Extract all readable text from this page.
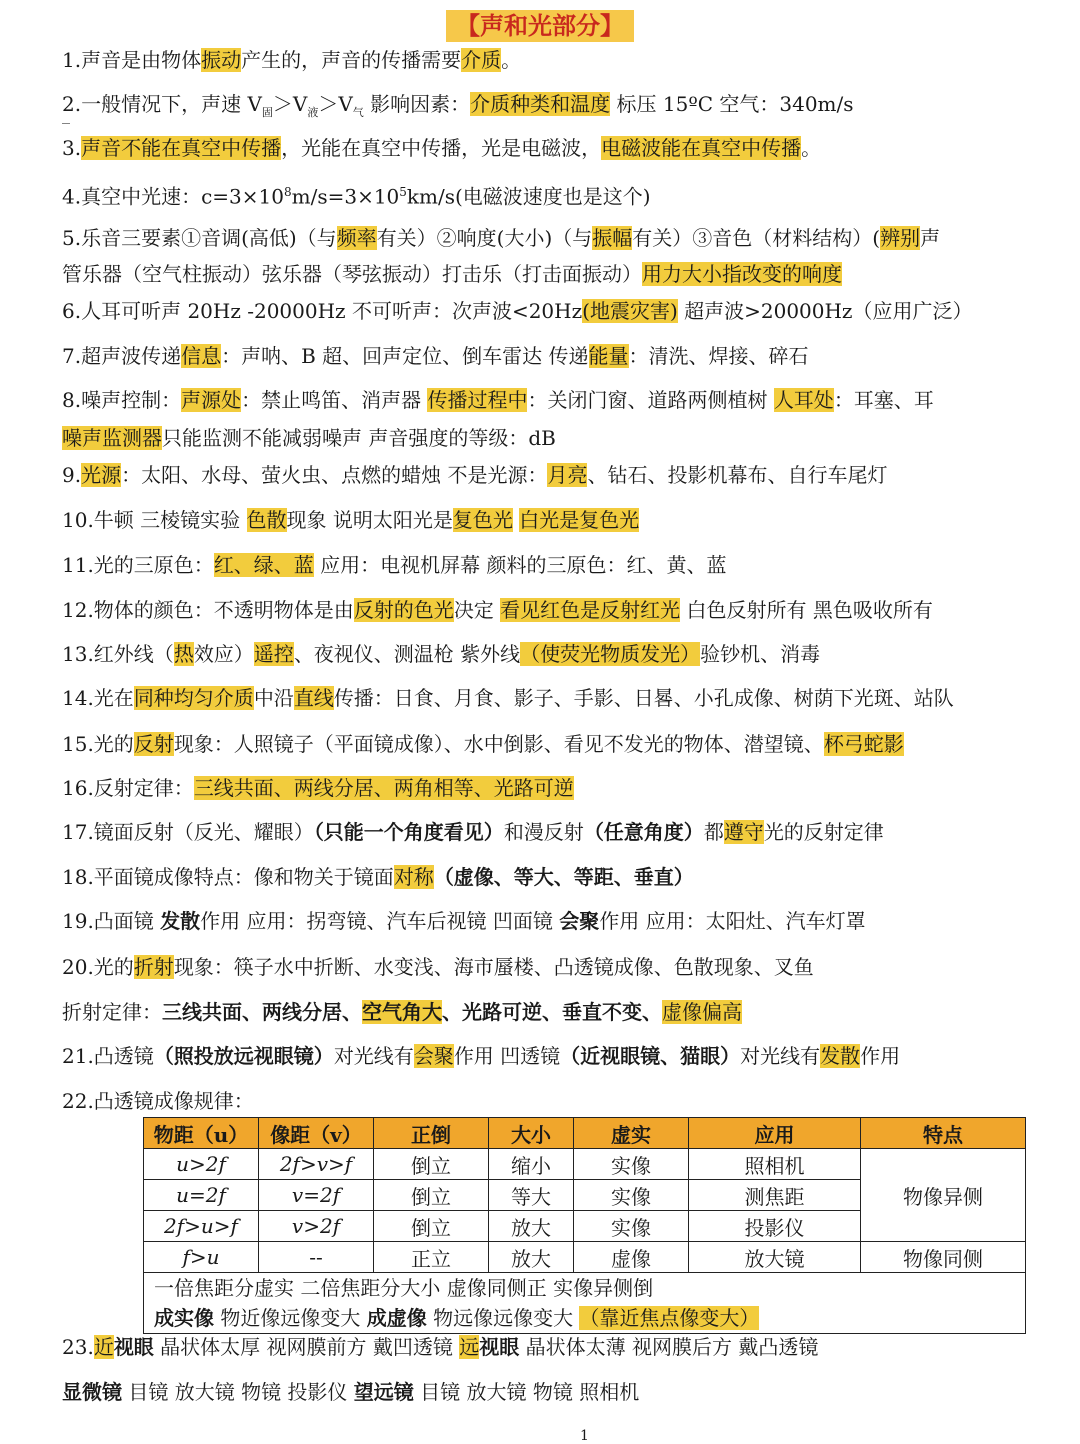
【声和光部分】
1.声音是由物体振动产生的，声音的传播需要介质。
2.一般情况下，声速 $V_固>V_液>V_气$ 影响因素：介质种类和温度 标压 15ºC 空气：340m/s
3.声音不能在真空中传播，光能在真空中传播，光是电磁波，电磁波能在真空中传播。
4.真空中光速：$c=3\times 10^8m/s=3\times 10^5km/s$(电磁波速度也是这个)
5.乐音三要素①音调(高低)（与频率有关）②响度(大小)（与振幅有关）③音色（材料结构）(辨别声
管乐器（空气柱振动）弦乐器（琴弦振动）打击乐（打击面振动）用力大小指改变的响度
6.人耳可听声 20Hz -20000Hz 不可听声：次声波<20Hz(地震灾害) 超声波>20000Hz（应用广泛）
7.超声波传递信息：声呐、B 超、回声定位、倒车雷达 传递能量：清洗、焊接、碎石
8.噪声控制：声源处：禁止鸣笛、消声器 传播过程中：关闭门窗、道路两侧植树 人耳处：耳塞、耳
噪声监测器只能监测不能减弱噪声 声音强度的等级：dB
9.光源：太阳、水母、萤火虫、点燃的蜡烛 不是光源：月亮、钻石、投影机幕布、自行车尾灯
10.牛顿 三棱镜实验 色散现象 说明太阳光是复色光 白光是复色光
11.光的三原色：红、绿、蓝 应用：电视机屏幕 颜料的三原色：红、黄、蓝
12.物体的颜色：不透明物体是由反射的色光决定 看见红色是反射红光 白色反射所有 黑色吸收所有
13.红外线（热效应）遥控、夜视仪、测温枪 紫外线（使荧光物质发光）验钞机、消毒
14.光在同种均匀介质中沿直线传播：日食、月食、影子、手影、日晷、小孔成像、树荫下光斑、站队
15.光的反射现象：人照镜子（平面镜成像）、水中倒影、看见不发光的物体、潜望镜、杯弓蛇影
16.反射定律：三线共面、两线分居、两角相等、光路可逆
17.镜面反射（反光、耀眼）（只能一个角度看见）和漫反射（任意角度）都遵守光的反射定律
18.平面镜成像特点：像和物关于镜面对称（虚像、等大、等距、垂直）
19.凸面镜 发散作用 应用：拐弯镜、汽车后视镜 凹面镜 会聚作用 应用：太阳灶、汽车灯罩
20.光的折射现象：筷子水中折断、水变浅、海市蜃楼、凸透镜成像、色散现象、叉鱼
折射定律：三线共面、两线分居、空气角大、光路可逆、垂直不变、虚像偏高
21.凸透镜（照投放远视眼镜）对光线有会聚作用 凹透镜（近视眼镜、猫眼）对光线有发散作用
22.凸透镜成像规律：
23.近视眼 晶状体太厚 视网膜前方 戴凹透镜 远视眼 晶状体太薄 视网膜后方 戴凸透镜
显微镜 目镜 放大镜 物镜 投影仪 望远镜 目镜 放大镜 物镜 照相机
‾
物距（u）	像距（v）	正倒	大小	虚实	应用	特点
u>2f	2f>v>f	倒立	缩小	实像	照相机	物像异侧
u=2f	v=2f	倒立	等大	实像	测焦距	
2f>u>f	v>2f	倒立	放大	实像	投影仪	
f>u	--	正立	放大	虚像	放大镜	物像同侧

一倍焦距分虚实 二倍焦距分大小 虚像同侧正 实像异侧倒
成实像 物近像远像变大 成虚像 物远像远像变大 （靠近焦点像变大）						
1
